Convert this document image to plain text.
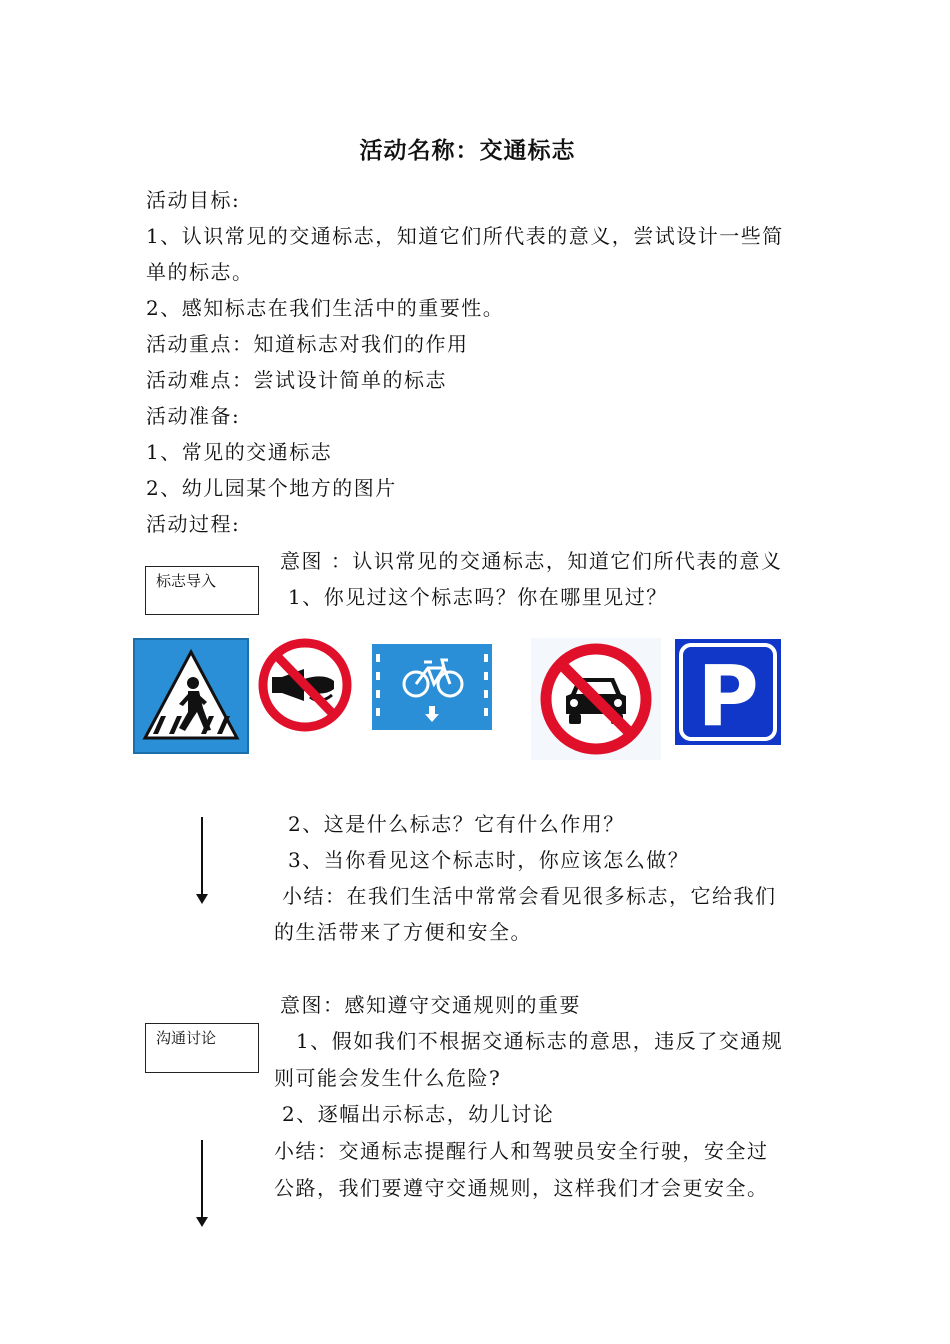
活动名称：交通标志
活动目标:
1、认识常见的交通标志，知道它们所代表的意义，尝试设计一些简
单的标志。
2、感知标志在我们生活中的重要性。
活动重点：知道标志对我们的作用
活动难点：尝试设计简单的标志
活动准备:
1、常见的交通标志
2、幼儿园某个地方的图片
活动过程:
标志导入
意图 ：认识常见的交通标志，知道它们所代表的意义
1、你见过这个标志吗？你在哪里见过？
P
2、这是什么标志？它有什么作用？
3、当你看见这个标志时，你应该怎么做？
小结：在我们生活中常常会看见很多标志，它给我们
的生活带来了方便和安全。
意图：感知遵守交通规则的重要
沟通讨论	1、假如我们不根据交通标志的意思，违反了交通规
则可能会发生什么危险?
2、逐幅出示标志，幼儿讨论
小结：交通标志提醒行人和驾驶员安全行驶，安全过
公路，我们要遵守交通规则，这样我们才会更安全。
